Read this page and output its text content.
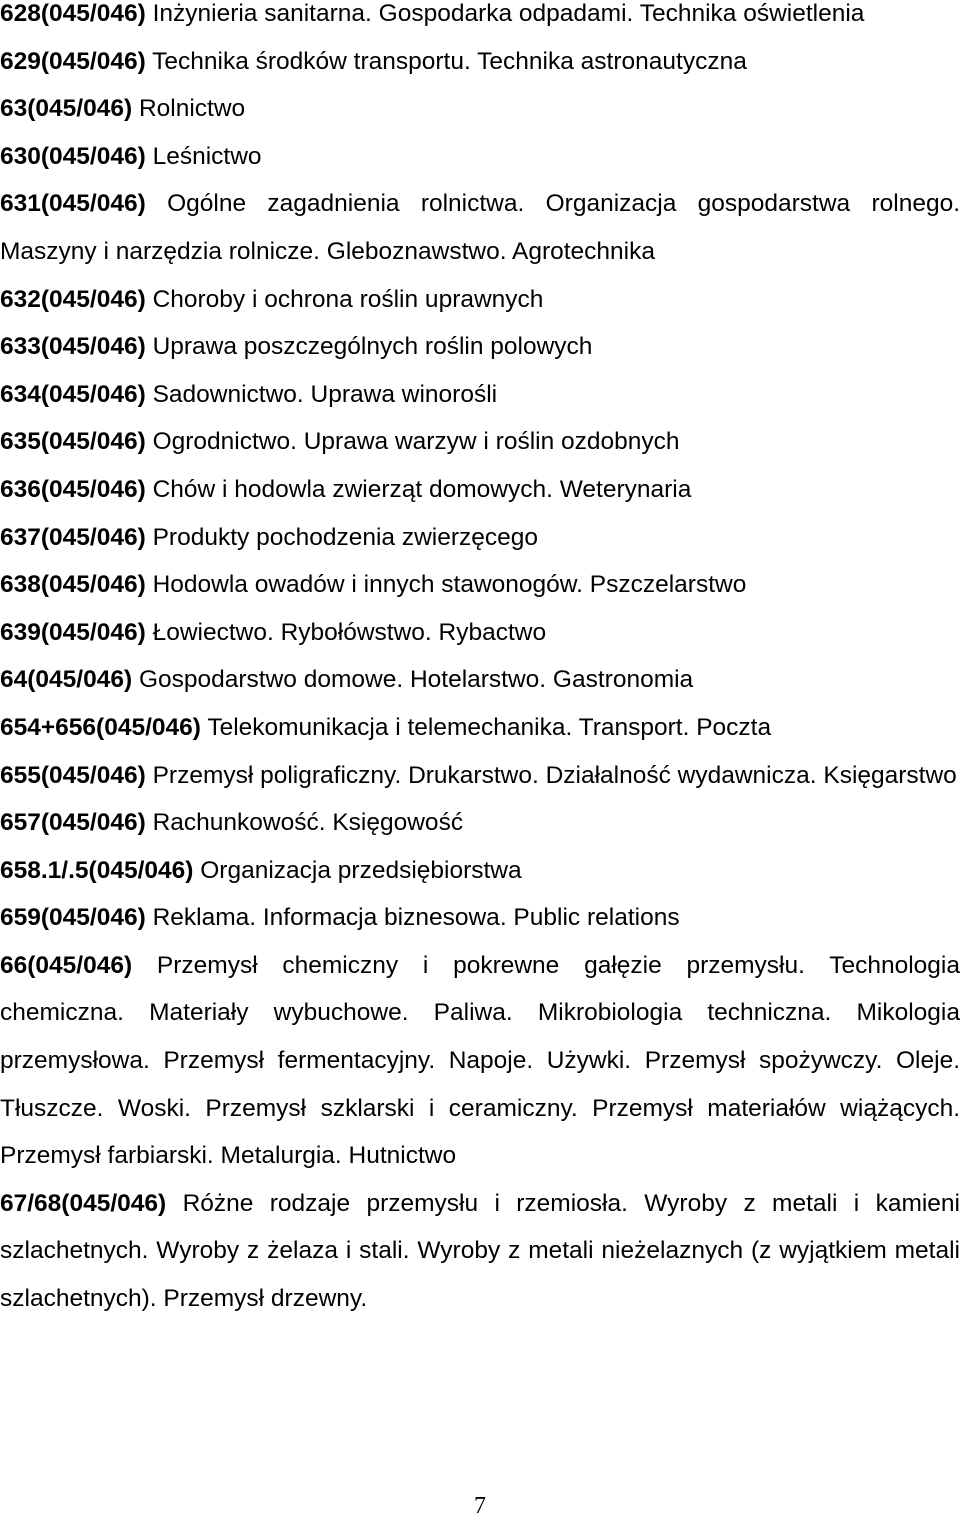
628(045/046) Inżynieria sanitarna. Gospodarka odpadami. Technika oświetlenia

629(045/046) Technika środków transportu. Technika astronautyczna

63(045/046) Rolnictwo

630(045/046) Leśnictwo

631(045/046) Ogólne zagadnienia rolnictwa. Organizacja gospodarstwa rolnego. Maszyny i narzędzia rolnicze. Gleboznawstwo. Agrotechnika

632(045/046) Choroby i ochrona roślin uprawnych

633(045/046) Uprawa poszczególnych roślin polowych

634(045/046) Sadownictwo. Uprawa winorośli

635(045/046) Ogrodnictwo. Uprawa warzyw i roślin ozdobnych

636(045/046) Chów i hodowla zwierząt domowych. Weterynaria

637(045/046) Produkty pochodzenia zwierzęcego

638(045/046) Hodowla owadów i innych stawonogów. Pszczelarstwo

639(045/046) Łowiectwo. Rybołówstwo. Rybactwo

64(045/046) Gospodarstwo domowe. Hotelarstwo. Gastronomia

654+656(045/046) Telekomunikacja i telemechanika. Transport. Poczta

655(045/046) Przemysł poligraficzny. Drukarstwo. Działalność wydawnicza. Księgarstwo

657(045/046) Rachunkowość. Księgowość

658.1/.5(045/046) Organizacja przedsiębiorstwa

659(045/046) Reklama. Informacja biznesowa. Public relations

66(045/046) Przemysł chemiczny i pokrewne gałęzie przemysłu. Technologia chemiczna. Materiały wybuchowe. Paliwa. Mikrobiologia techniczna. Mikologia przemysłowa. Przemysł fermentacyjny. Napoje. Używki. Przemysł spożywczy. Oleje. Tłuszcze. Woski. Przemysł szklarski i ceramiczny. Przemysł materiałów wiążących. Przemysł farbiarski. Metalurgia. Hutnictwo

67/68(045/046) Różne rodzaje przemysłu i rzemiosła. Wyroby z metali i kamieni szlachetnych. Wyroby z żelaza i stali. Wyroby z metali nieżelaznych (z wyjątkiem metali szlachetnych). Przemysł drzewny.

7
